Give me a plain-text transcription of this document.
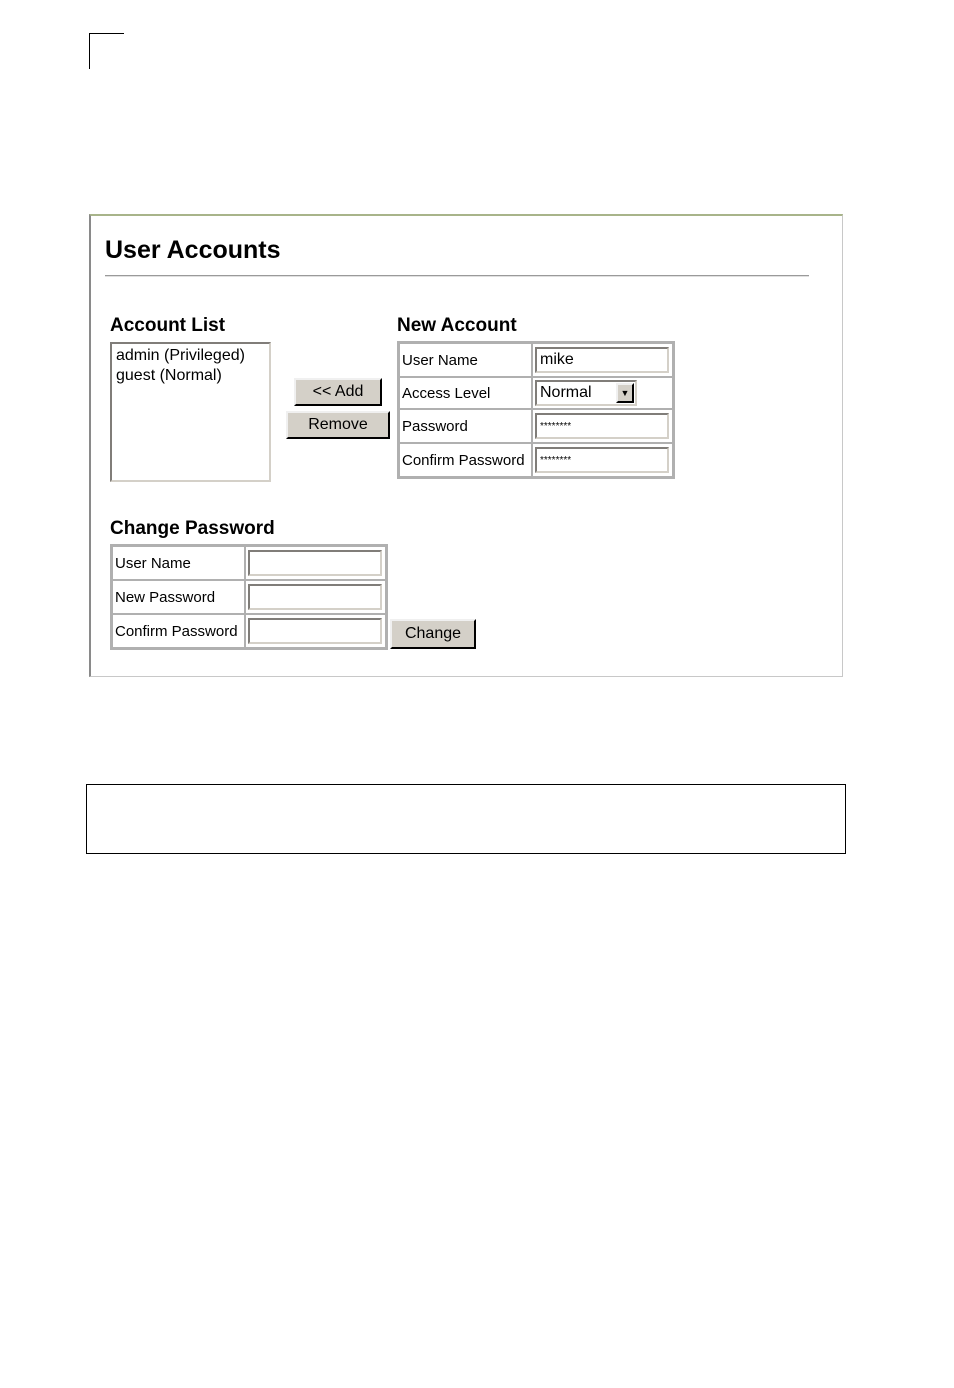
User Accounts
Account List
admin (Privileged)
guest (Normal)
<< Add
Remove
New Account
User Name	mike
Access Level	Normal ▼

Password	********
Confirm Password	********
Change Password
User Name	
New Password	
Confirm Password		Change
